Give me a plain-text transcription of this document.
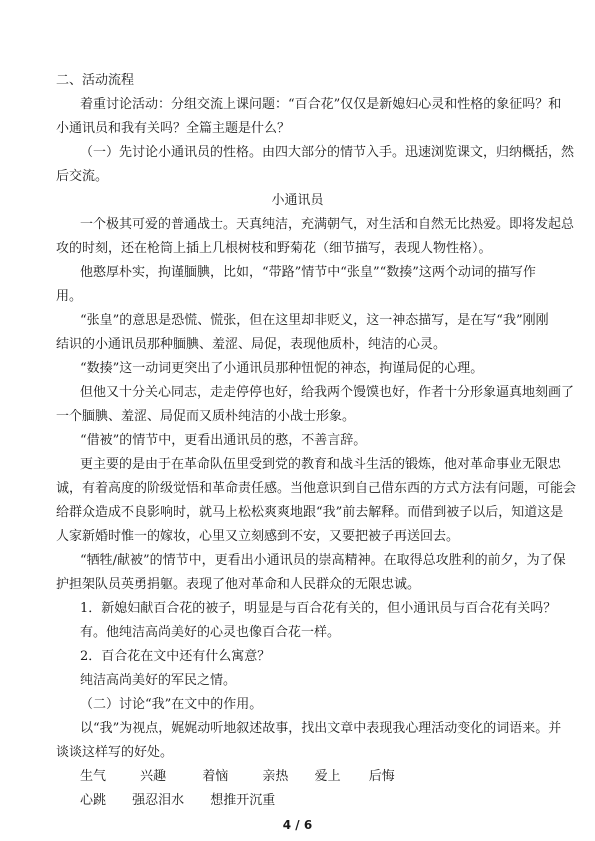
二、活动流程
着重讨论活动：分组交流上课问题：“百合花”仅仅是新媳妇心灵和性格的象征吗？和
小通讯员和我有关吗？全篇主题是什么？
（一）先讨论小通讯员的性格。由四大部分的情节入手。迅速浏览课文，归纳概括，然
后交流。
小通讯员
一个极其可爱的普通战士。天真纯洁，充满朝气，对生活和自然无比热爱。即将发起总
攻的时刻，还在枪筒上插上几根树枝和野菊花（细节描写，表现人物性格）。
他憨厚朴实，拘谨腼腆，比如，“带路”情节中“张皇”“数揍”这两个动词的描写作
用。
“张皇”的意思是恐慌、慌张，但在这里却非贬义，这一神态描写，是在写“我”刚刚
结识的小通讯员那种腼腆、羞涩、局促，表现他质朴，纯洁的心灵。
“数揍”这一动词更突出了小通讯员那种忸怩的神态，拘谨局促的心理。
但他又十分关心同志，走走停停也好，给我两个馒馍也好，作者十分形象逼真地刻画了
一个腼腆、羞涩、局促而又质朴纯洁的小战士形象。
“借被”的情节中，更看出通讯员的憨，不善言辞。
更主要的是由于在革命队伍里受到党的教育和战斗生活的锻炼，他对革命事业无限忠
诚，有着高度的阶级觉悟和革命责任感。当他意识到自己借东西的方式方法有问题，可能会
给群众造成不良影响时，就马上松松爽爽地跟“我”前去解释。而借到被子以后，知道这是
人家新婚时惟一的嫁妆，心里又立刻感到不安，又要把被子再送回去。
“牺牲/献被”的情节中，更看出小通讯员的崇高精神。在取得总攻胜利的前夕，为了保
护担架队员英勇捐躯。表现了他对革命和人民群众的无限忠诚。
1．新媳妇献百合花的被子，明显是与百合花有关的，但小通讯员与百合花有关吗？
有。他纯洁高尚美好的心灵也像百合花一样。
2．百合花在文中还有什么寓意？
纯洁高尚美好的军民之情。
（二）讨论“我”在文中的作用。
以“我”为视点，娓娓动听地叙述故事，找出文章中表现我心理活动变化的词语来。并
谈谈这样写的好处。
生气	兴趣	着恼	亲热 爱上 后悔
心跳 强忍泪水 想推开沉重
4 / 6
